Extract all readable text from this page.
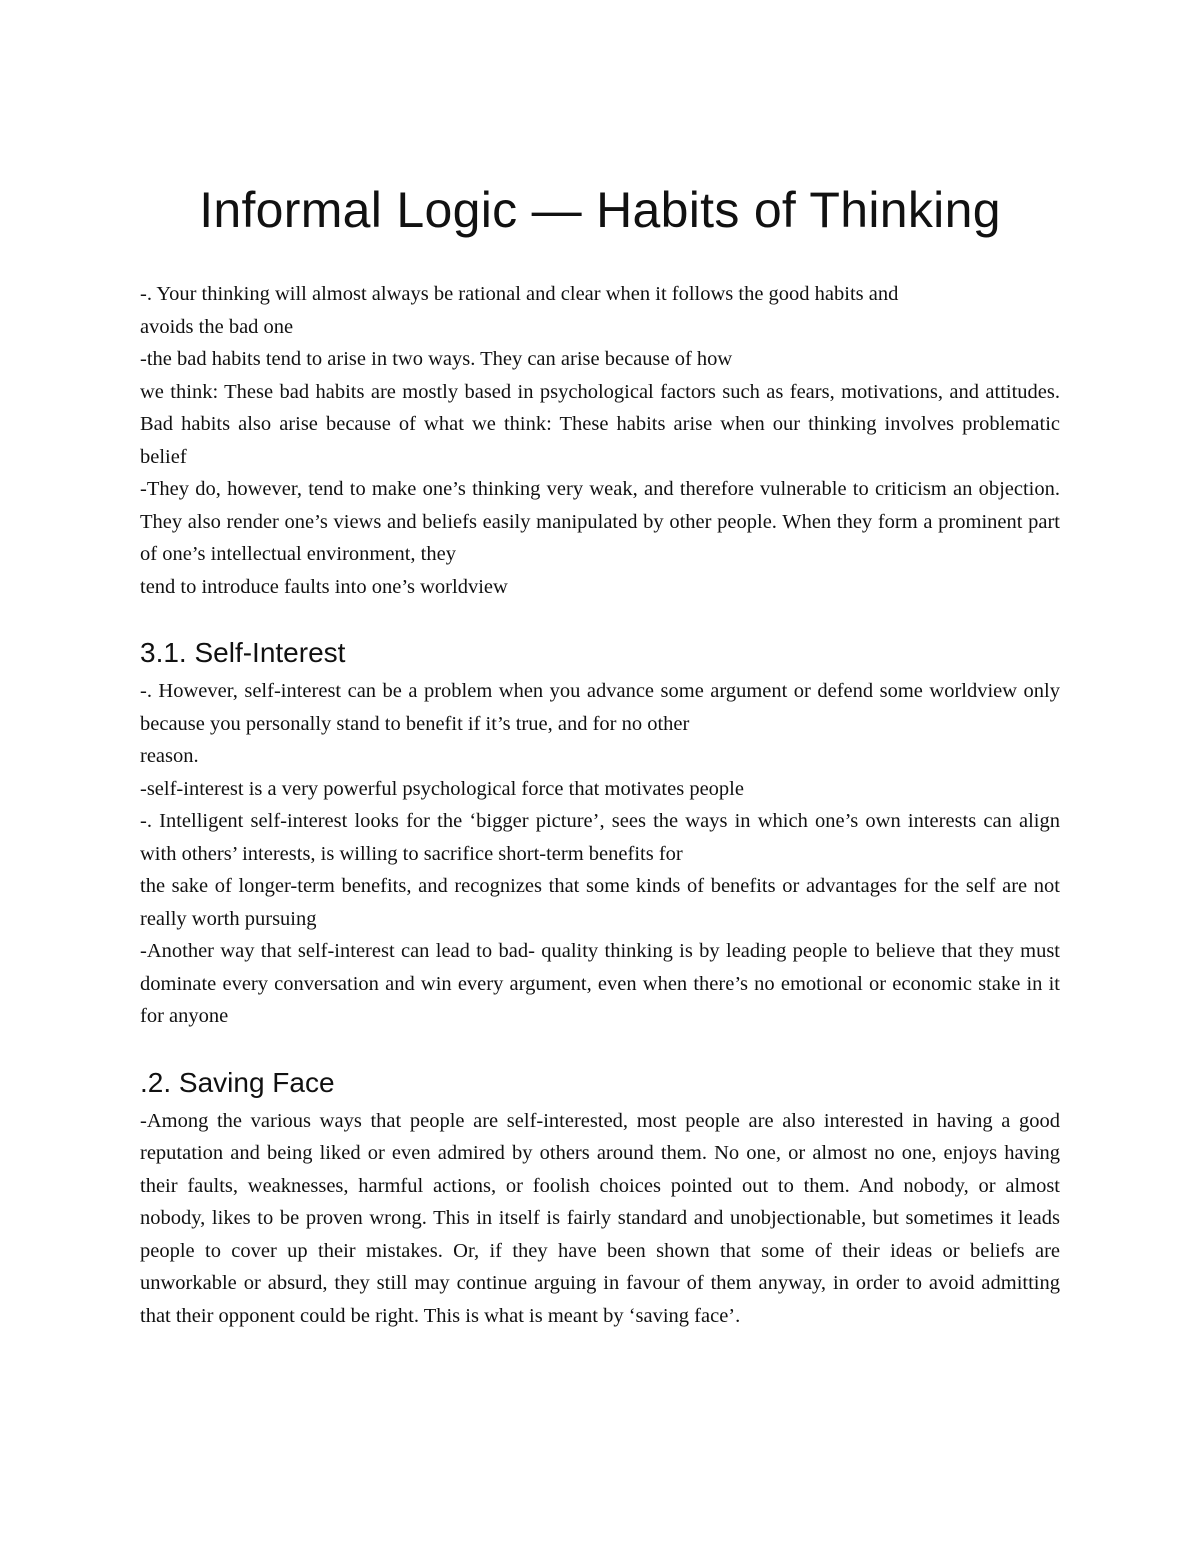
Informal Logic — Habits of Thinking

-. Your thinking will almost always be rational and clear when it follows the good habits and

avoids the bad one

-the bad habits tend to arise in two ways. They can arise because of how

we think: These bad habits are mostly based in psychological factors such as fears, motivations, and attitudes. Bad habits also arise because of what we think: These habits arise when our thinking involves problematic belief

-They do, however, tend to make one’s thinking very weak, and therefore vulnerable to criticism an objection. They also render one’s views and beliefs easily manipulated by other people. When they form a prominent part of one’s intellectual environment, they

tend to introduce faults into one’s worldview

3.1. Self-Interest

-. However, self-interest can be a problem when you advance some argument or defend some worldview only because you personally stand to benefit if it’s true, and for no other

reason.

-self-interest is a very powerful psychological force that motivates people

-. Intelligent self-interest looks for the ‘bigger picture’, sees the ways in which one’s own interests can align with others’ interests, is willing to sacrifice short-term benefits for

the sake of longer-term benefits, and recognizes that some kinds of benefits or advantages for the self are not really worth pursuing

-Another way that self-interest can lead to bad- quality thinking is by leading people to believe that they must dominate every conversation and win every argument, even when there’s no emotional or economic stake in it for anyone

.2. Saving Face

-Among the various ways that people are self-interested, most people are also interested in having a good reputation and being liked or even admired by others around them. No one, or almost no one, enjoys having their faults, weaknesses, harmful actions, or foolish choices pointed out to them. And nobody, or almost nobody, likes to be proven wrong. This in itself is fairly standard and unobjectionable, but sometimes it leads people to cover up their mistakes. Or, if they have been shown that some of their ideas or beliefs are unworkable or absurd, they still may continue arguing in favour of them anyway, in order to avoid admitting that their opponent could be right. This is what is meant by ‘saving face’.
